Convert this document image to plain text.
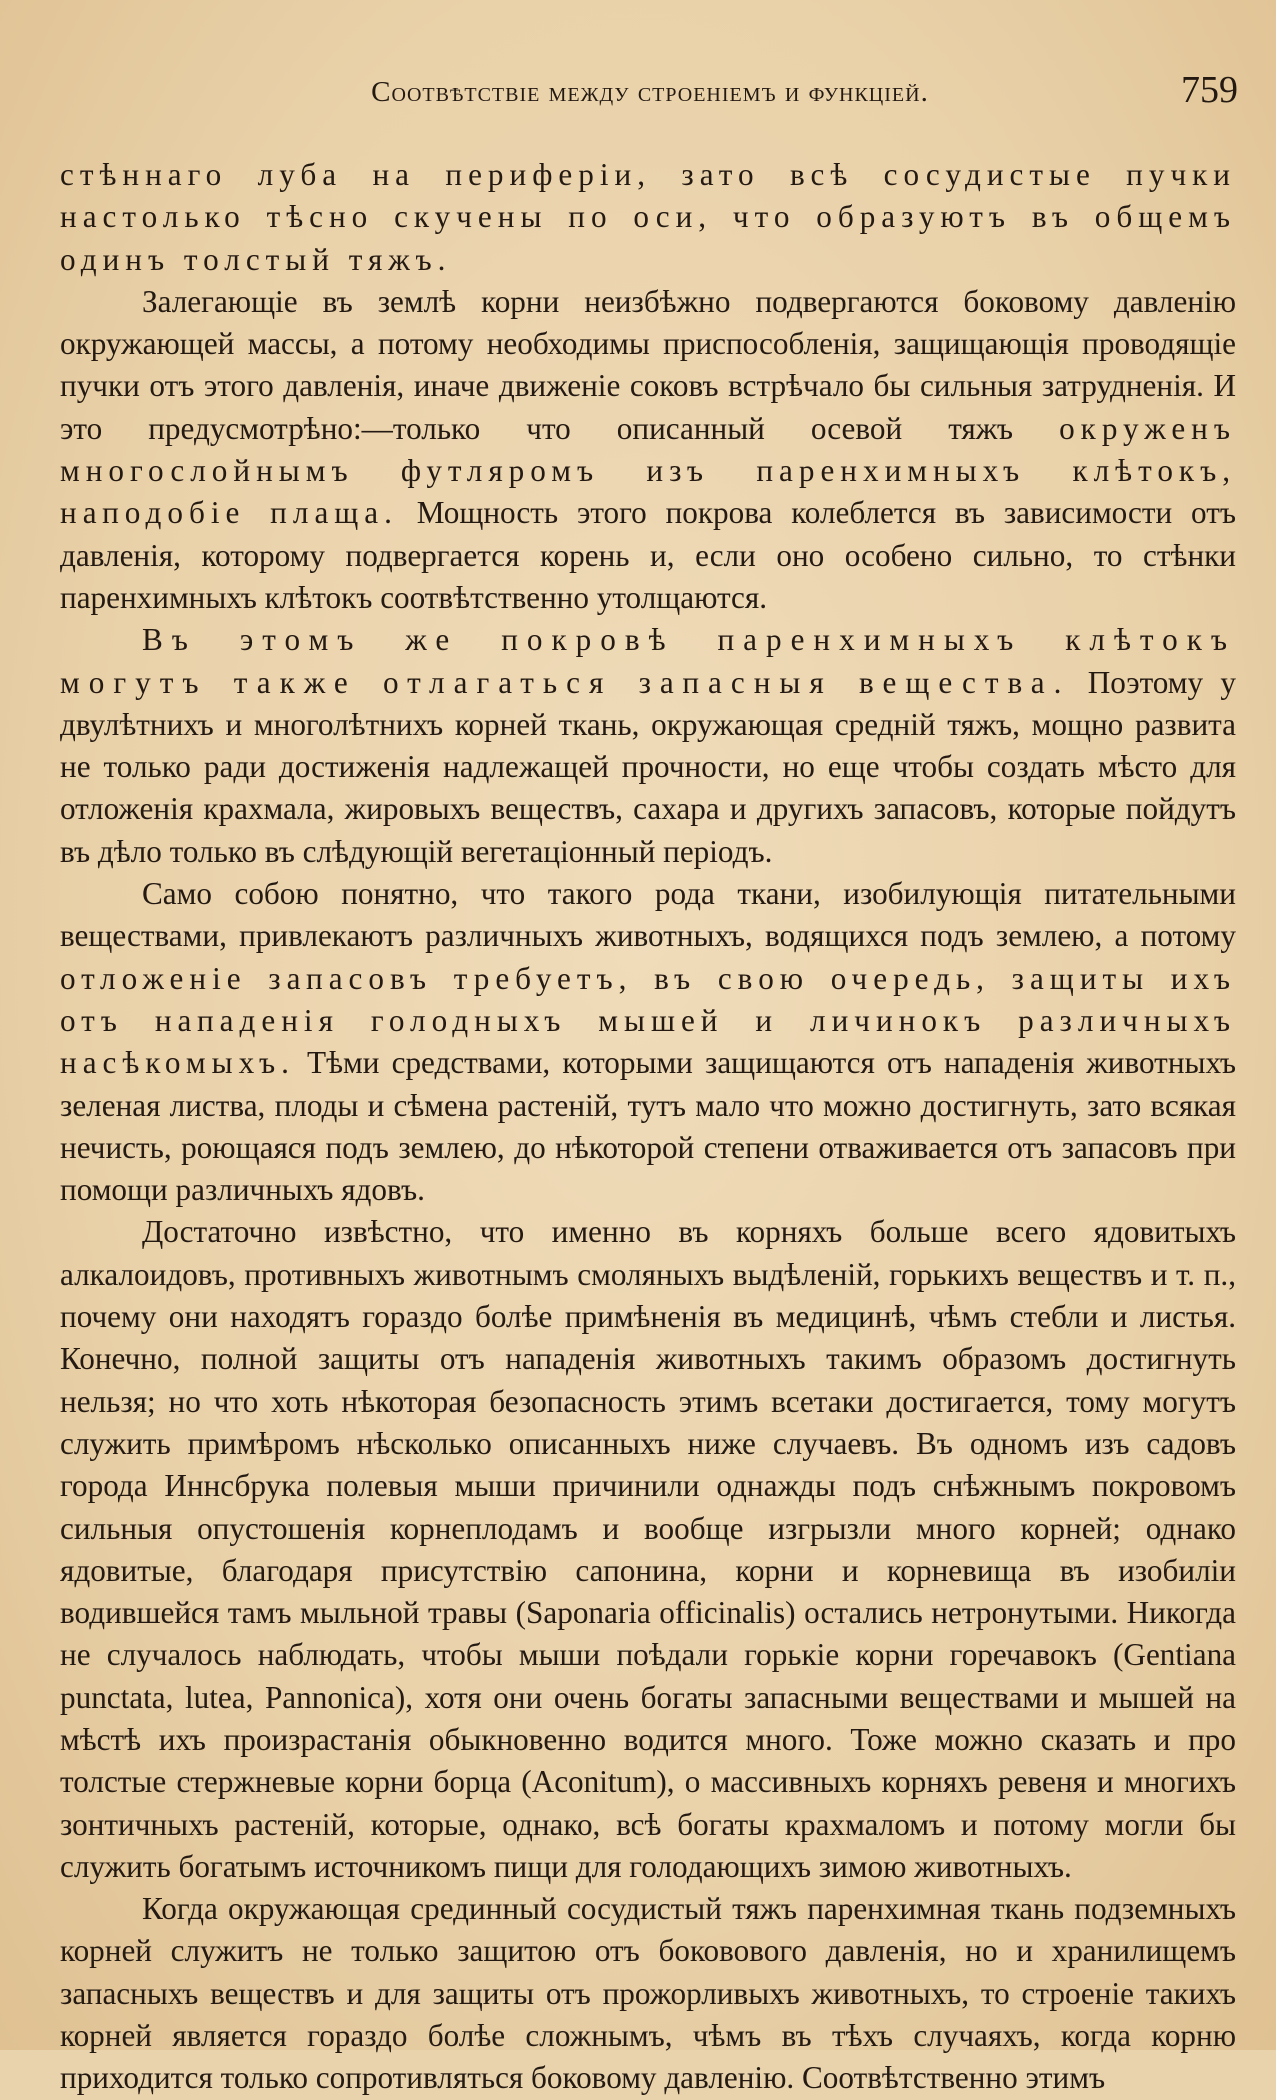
Соотвѣтствіе между строеніемъ и функціей.	759

стѣннаго луба на периферіи, зато всѣ сосудистые пучки настолько тѣсно скучены по оси, что образуютъ въ общемъ одинъ толстый тяжъ.

Залегающіе въ землѣ корни неизбѣжно подвергаются боковому давленію окружающей массы, а потому необходимы приспособленія, защищающія проводящіе пучки отъ этого давленія, иначе движеніе соковъ встрѣчало бы сильныя затрудненія. И это предусмотрѣно:—только что описанный осевой тяжъ окруженъ многослойнымъ футляромъ изъ паренхимныхъ клѣтокъ, наподобіе плаща. Мощность этого покрова колеблется въ зависимости отъ давленія, которому подвергается корень и, если оно особено сильно, то стѣнки паренхимныхъ клѣтокъ соотвѣтственно утолщаются.

Въ этомъ же покровѣ паренхимныхъ клѣтокъ могутъ также отлагаться запасныя вещества. Поэтому у двулѣтнихъ и многолѣтнихъ корней ткань, окружающая средній тяжъ, мощно развита не только ради достиженія надлежащей прочности, но еще чтобы создать мѣсто для отложенія крахмала, жировыхъ веществъ, сахара и другихъ запасовъ, которые пойдутъ въ дѣло только въ слѣдующій вегетаціонный періодъ.

Само собою понятно, что такого рода ткани, изобилующія питательными веществами, привлекаютъ различныхъ животныхъ, водящихся подъ землею, а потому отложеніе запасовъ требуетъ, въ свою очередь, защиты ихъ отъ нападенія голодныхъ мышей и личинокъ различныхъ насѣкомыхъ. Тѣми средствами, которыми защищаются отъ нападенія животныхъ зеленая листва, плоды и сѣмена растеній, тутъ мало что можно достигнуть, зато всякая нечисть, роющаяся подъ землею, до нѣкоторой степени отваживается отъ запасовъ при помощи различныхъ ядовъ.

Достаточно извѣстно, что именно въ корняхъ больше всего ядовитыхъ алкалоидовъ, противныхъ животнымъ смоляныхъ выдѣленій, горькихъ веществъ и т. п., почему они находятъ гораздо болѣе примѣненія въ медицинѣ, чѣмъ стебли и листья. Конечно, полной защиты отъ нападенія животныхъ такимъ образомъ достигнуть нельзя; но что хоть нѣкоторая безопасность этимъ всетаки достигается, тому могутъ служить примѣромъ нѣсколько описанныхъ ниже случаевъ. Въ одномъ изъ садовъ города Иннсбрука полевыя мыши причинили однажды подъ снѣжнымъ покровомъ сильныя опустошенія корнеплодамъ и вообще изгрызли много корней; однако ядовитые, благодаря присутствію сапонина, корни и корневища въ изобиліи водившейся тамъ мыльной травы (Saponaria officinalis) остались нетронутыми. Никогда не случалось наблюдать, чтобы мыши поѣдали горькіе корни горечавокъ (Gentiana punctata, lutea, Pannonica), хотя они очень богаты запасными веществами и мышей на мѣстѣ ихъ произрастанія обыкновенно водится много. Тоже можно сказать и про толстые стержневые корни борца (Aconitum), о массивныхъ корняхъ ревеня и многихъ зонтичныхъ растеній, которые, однако, всѣ богаты крахмаломъ и потому могли бы служить богатымъ источникомъ пищи для голодающихъ зимою животныхъ.

Когда окружающая срединный сосудистый тяжъ паренхимная ткань подземныхъ корней служитъ не только защитою отъ боковового давленія, но и хранилищемъ запасныхъ веществъ и для защиты отъ прожорливыхъ животныхъ, то строеніе такихъ корней является гораздо болѣе сложнымъ, чѣмъ въ тѣхъ случаяхъ, когда корню приходится только сопротивляться боковому давленію. Соотвѣтственно этимъ
